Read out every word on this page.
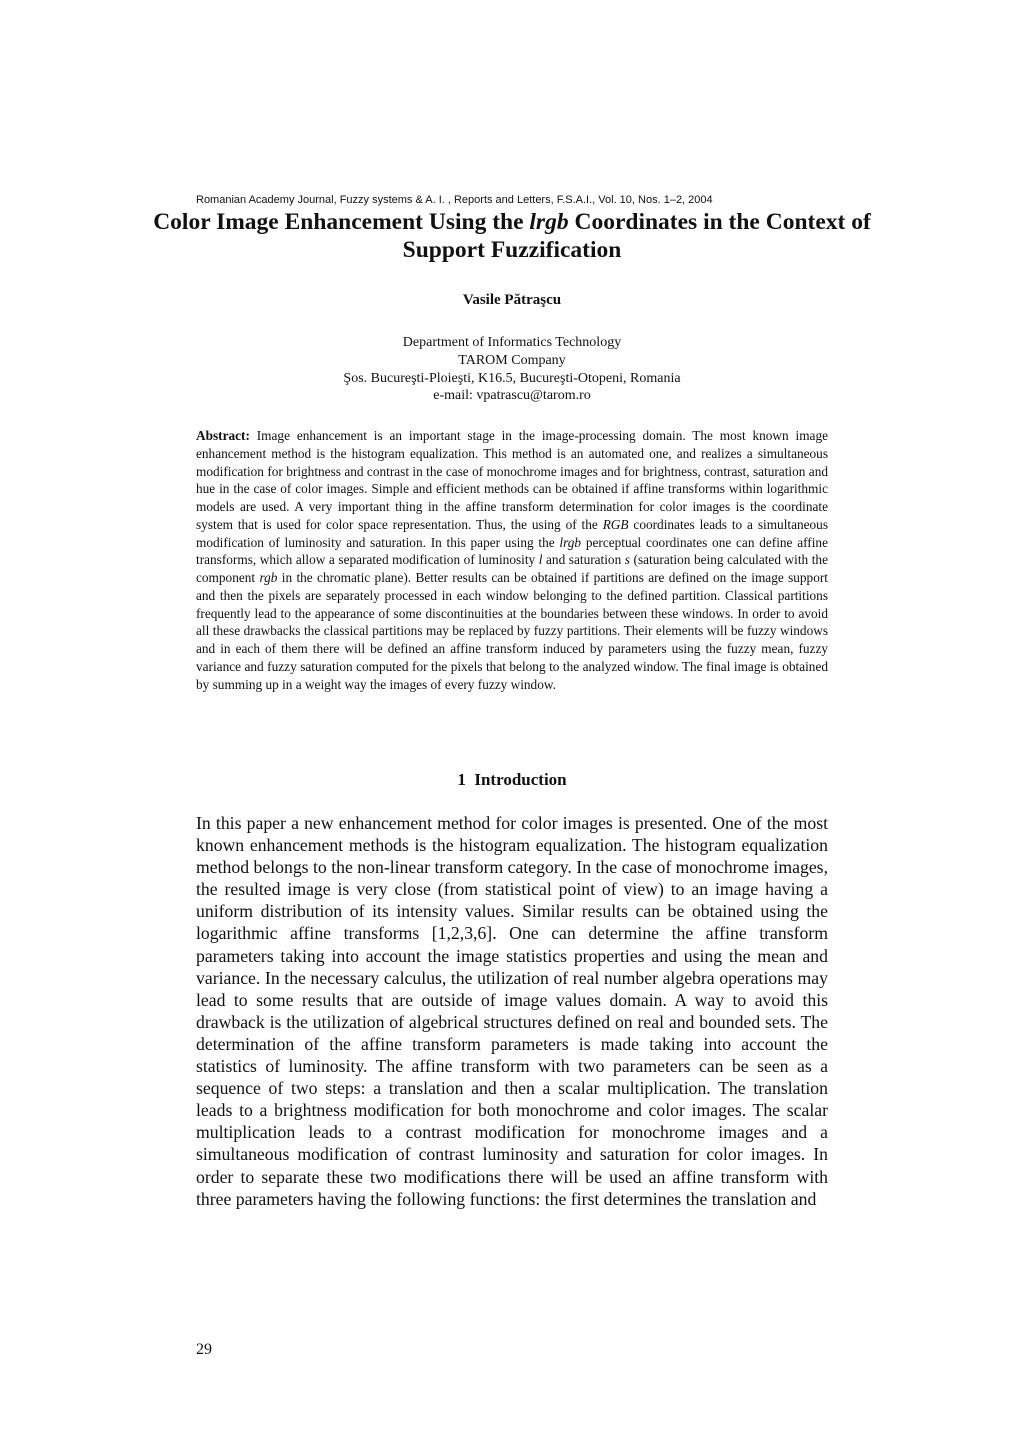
Romanian Academy Journal, Fuzzy systems & A. I. , Reports and Letters, F.S.A.I., Vol. 10, Nos. 1–2, 2004
Color Image Enhancement Using the lrgb Coordinates in the Context of Support Fuzzification
Vasile Pătraşcu
Department of Informatics Technology
TAROM Company
Şos. Bucureşti-Ploieşti, K16.5, Bucureşti-Otopeni, Romania
e-mail: vpatrascu@tarom.ro

Abstract: Image enhancement is an important stage in the image-processing domain. The most known image enhancement method is the histogram equalization. This method is an automated one, and realizes a simultaneous modification for brightness and contrast in the case of monochrome images and for brightness, contrast, saturation and hue in the case of color images. Simple and efficient methods can be obtained if affine transforms within logarithmic models are used. A very important thing in the affine transform determination for color images is the coordinate system that is used for color space representation. Thus, the using of the RGB coordinates leads to a simultaneous modification of luminosity and saturation. In this paper using the lrgb perceptual coordinates one can define affine transforms, which allow a separated modification of luminosity l and saturation s (saturation being calculated with the component rgb in the chromatic plane). Better results can be obtained if partitions are defined on the image support and then the pixels are separately processed in each window belonging to the defined partition. Classical partitions frequently lead to the appearance of some discontinuities at the boundaries between these windows. In order to avoid all these drawbacks the classical partitions may be replaced by fuzzy partitions. Their elements will be fuzzy windows and in each of them there will be defined an affine transform induced by parameters using the fuzzy mean, fuzzy variance and fuzzy saturation computed for the pixels that belong to the analyzed window. The final image is obtained by summing up in a weight way the images of every fuzzy window.

1 Introduction

In this paper a new enhancement method for color images is presented. One of the most known enhancement methods is the histogram equalization. The histogram equalization method belongs to the non-linear transform category. In the case of monochrome images, the resulted image is very close (from statistical point of view) to an image having a uniform distribution of its intensity values. Similar results can be obtained using the logarithmic affine transforms [1,2,3,6]. One can determine the affine transform parameters taking into account the image statistics properties and using the mean and variance. In the necessary calculus, the utilization of real number algebra operations may lead to some results that are outside of image values domain. A way to avoid this drawback is the utilization of algebrical structures defined on real and bounded sets. The determination of the affine transform parameters is made taking into account the statistics of luminosity. The affine transform with two parameters can be seen as a sequence of two steps: a translation and then a scalar multiplication. The translation leads to a brightness modification for both monochrome and color images. The scalar multiplication leads to a contrast modification for monochrome images and a simultaneous modification of contrast luminosity and saturation for color images. In order to separate these two modifications there will be used an affine transform with three parameters having the following functions: the first determines the translation and

29
